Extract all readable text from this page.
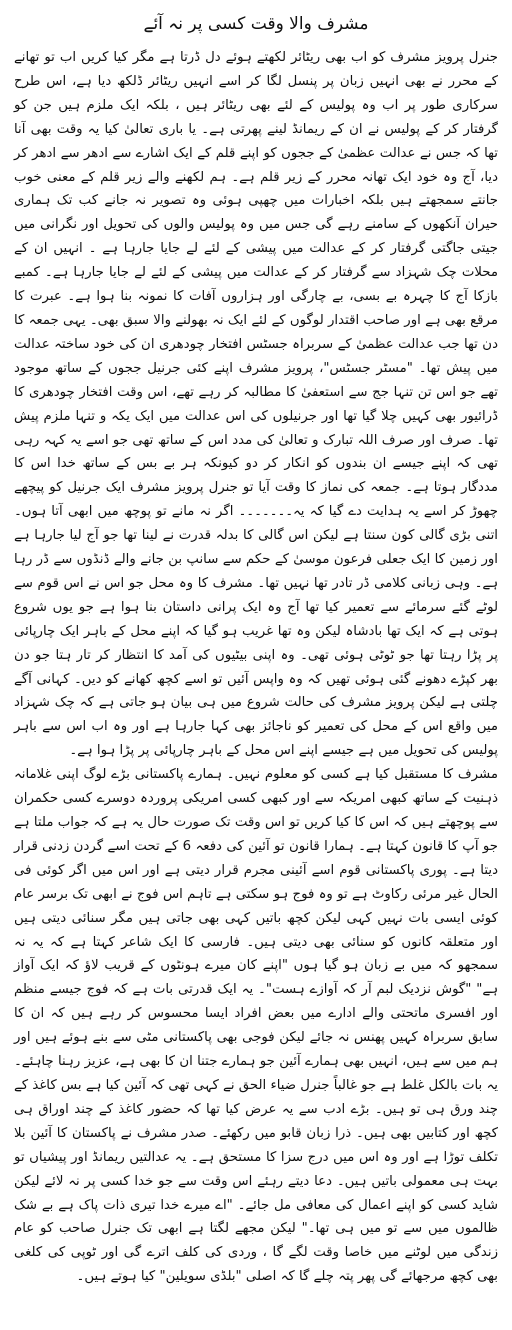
مشرف والا وقت کسی پر نہ آئے

جنرل پرویز مشرف کو اب بھی ریٹائر لکھتے ہوئے دل ڈرتا ہے مگر کیا کریں اب تو تھانے کے محرر نے بھی انہیں زبان پر پنسل لگا کر اسے انہیں ریٹائر ڈلکھ دیا ہے، اس طرح سرکاری طور پر اب وہ پولیس کے لئے بھی ریٹائر ہیں ، بلکہ ایک ملزم ہیں جن کو گرفتار کر کے پولیس نے ان کے ریمانڈ لینے پھرتی ہے۔ یا باری تعالیٰ کیا یہ وقت بھی آنا تھا کہ جس نے عدالت عظمیٰ کے ججوں کو اپنے قلم کے ایک اشارے سے ادھر سے ادھر کر دیا، آج وہ خود ایک تھانہ محرر کے زیر قلم ہے۔ ہم لکھنے والے زیر قلم کے معنی خوب جانتے سمجھتے ہیں بلکہ اخبارات میں چھپی ہوئی وہ تصویر نہ جانے کب تک ہماری حیران آنکھوں کے سامنے رہے گی جس میں وہ پولیس والوں کی تحویل اور نگرانی میں جیتی جاگتی گرفتار کر کے عدالت میں پیشی کے لئے لے جایا جارہا ہے ۔ انہیں ان کے محلات چک شہزاد سے گرفتار کر کے عدالت میں پیشی کے لئے لے جایا جارہا ہے۔ کمبے بازکا آج کا چہرہ بے بسی، بے چارگی اور ہزاروں آفات کا نمونہ بنا ہوا ہے۔ عبرت کا مرقع بھی ہے اور صاحب اقتدار لوگوں کے لئے ایک نہ بھولنے والا سبق بھی۔ یہی جمعہ کا دن تھا جب عدالت عظمیٰ کے سربراہ جسٹس افتخار چودھری ان کی خود ساختہ عدالت میں پیش تھا۔ "مسٹر جسٹس"، پرویز مشرف اپنے کئی جرنیل ججوں کے ساتھ موجود تھے جو اس تن تنہا جج سے استعفیٰ کا مطالبہ کر رہے تھے، اس وقت افتخار چودھری کا ڈرائیور بھی کہیں چلا گیا تھا اور جرنیلوں کی اس عدالت میں ایک یکہ و تنہا ملزم پیش تھا۔ صرف اور صرف اللہ تبارک و تعالیٰ کی مدد اس کے ساتھ تھی جو اسے یہ کہہ رہی تھی کہ اپنے جیسے ان بندوں کو انکار کر دو کیونکہ ہر بے بس کے ساتھ خدا اس کا مددگار ہوتا ہے۔ جمعہ کی نماز کا وقت آیا تو جنرل پرویز مشرف ایک جرنیل کو پیچھے چھوڑ کر اسے یہ ہدایت دے گیا کہ یہ۔۔۔۔۔۔۔ اگر نہ مانے تو پوچھ میں ابھی آتا ہوں۔ اتنی بڑی گالی کون سنتا ہے لیکن اس گالی کا بدلہ قدرت نے لینا تھا جو آج لیا جارہا ہے اور زمین کا ایک جعلی فرعون موسیٰ کے حکم سے سانپ بن جانے والے ڈنڈوں سے ڈر رہا ہے۔ وہی زبانی کلامی ڈر تادر تھا نہیں تھا۔ مشرف کا وہ محل جو اس نے اس قوم سے لوٹے گئے سرمائے سے تعمیر کیا تھا آج وہ ایک پرانی داستان بنا ہوا ہے جو یوں شروع ہوتی ہے کہ ایک تھا بادشاہ لیکن وہ تھا غریب ہو گیا کہ اپنے محل کے باہر ایک چارپائی پر پڑا رہتا تھا جو ٹوٹی ہوئی تھی۔ وہ اپنی بیٹیوں کی آمد کا انتظار کر تار ہتا جو دن بھر کپڑے دھونے گئی ہوئی تھیں کہ وہ واپس آئیں تو اسے کچھ کھانے کو دیں۔ کہانی آگے چلتی ہے لیکن پرویز مشرف کی حالت شروع میں ہی بیان ہو جاتی ہے کہ چک شہزاد میں واقع اس کے محل کی تعمیر کو ناجائز بھی کہا جارہا ہے اور وہ اب اس سے باہر پولیس کی تحویل میں ہے جیسے اپنے اس محل کے باہر چارپائی پر پڑا ہوا ہے۔

مشرف کا مستقبل کیا ہے کسی کو معلوم نہیں۔ ہمارے پاکستانی بڑے لوگ اپنی غلامانہ ذہنیت کے ساتھ کبھی امریکہ سے اور کبھی کسی امریکی پروردہ دوسرے کسی حکمران سے پوچھتے ہیں کہ اس کا کیا کریں تو اس وقت تک صورت حال یہ ہے کہ جواب ملتا ہے جو آپ کا قانون کہتا ہے۔ ہمارا قانون تو آئین کی دفعہ 6 کے تحت اسے گردن زدنی قرار دیتا ہے۔ پوری پاکستانی قوم اسے آئینی مجرم قرار دیتی ہے اور اس میں اگر کوئی فی الحال غیر مرئی رکاوٹ ہے تو وہ فوج ہو سکتی ہے تاہم اس فوج نے ابھی تک برسر عام کوئی ایسی بات نہیں کہی لیکن کچھ باتیں کہی بھی جاتی ہیں مگر سنائی دیتی ہیں اور متعلقہ کانوں کو سنائی بھی دیتی ہیں۔ فارسی کا ایک شاعر کہتا ہے کہ یہ نہ سمجھو کہ میں بے زبان ہو گیا ہوں "اپنے کان میرے ہونٹوں کے قریب لاؤ کہ ایک آواز ہے" "گوش نزدیک لبم آر کہ آوازے ہست"۔ یہ ایک قدرتی بات ہے کہ فوج جیسے منظم اور افسری ماتحتی والے ادارے میں بعض افراد ایسا محسوس کر رہے ہیں کہ ان کا سابق سربراہ کہیں پھنس نہ جائے لیکن فوجی بھی پاکستانی مٹی سے بنے ہوئے ہیں اور ہم میں سے ہیں، انہیں بھی ہمارے آئین جو ہمارے جتنا ان کا بھی ہے، عزیز رہنا چاہئے۔ یہ بات بالکل غلط ہے جو غالباً جنرل ضیاء الحق نے کہی تھی کہ آئین کیا ہے بس کاغذ کے چند ورق ہی تو ہیں۔ بڑے ادب سے یہ عرض کیا تھا کہ حضور کاغذ کے چند اوراق ہی کچھ اور کتابیں بھی ہیں۔ ذرا زبان قابو میں رکھئے۔ صدر مشرف نے پاکستان کا آئین بلا تکلف توڑا ہے اور وہ اس میں درج سزا کا مستحق ہے۔ یہ عدالتیں ریمانڈ اور پیشیاں تو بہت ہی معمولی باتیں ہیں۔ دعا دیتے رہئے اس وقت سے جو خدا کسی پر نہ لائے لیکن شاید کسی کو اپنے اعمال کی معافی مل جائے۔ "اے میرے خدا تیری ذات پاک ہے بے شک ظالموں میں سے تو میں ہی تھا۔" لیکن مجھے لگتا ہے ابھی تک جنرل صاحب کو عام زندگی میں لوٹنے میں خاصا وقت لگے گا ، وردی کی کلف اترے گی اور ٹوپی کی کلغی بھی کچھ مرجھائے گی پھر پتہ چلے گا کہ اصلی "بلڈی سویلین" کیا ہوتے ہیں۔
